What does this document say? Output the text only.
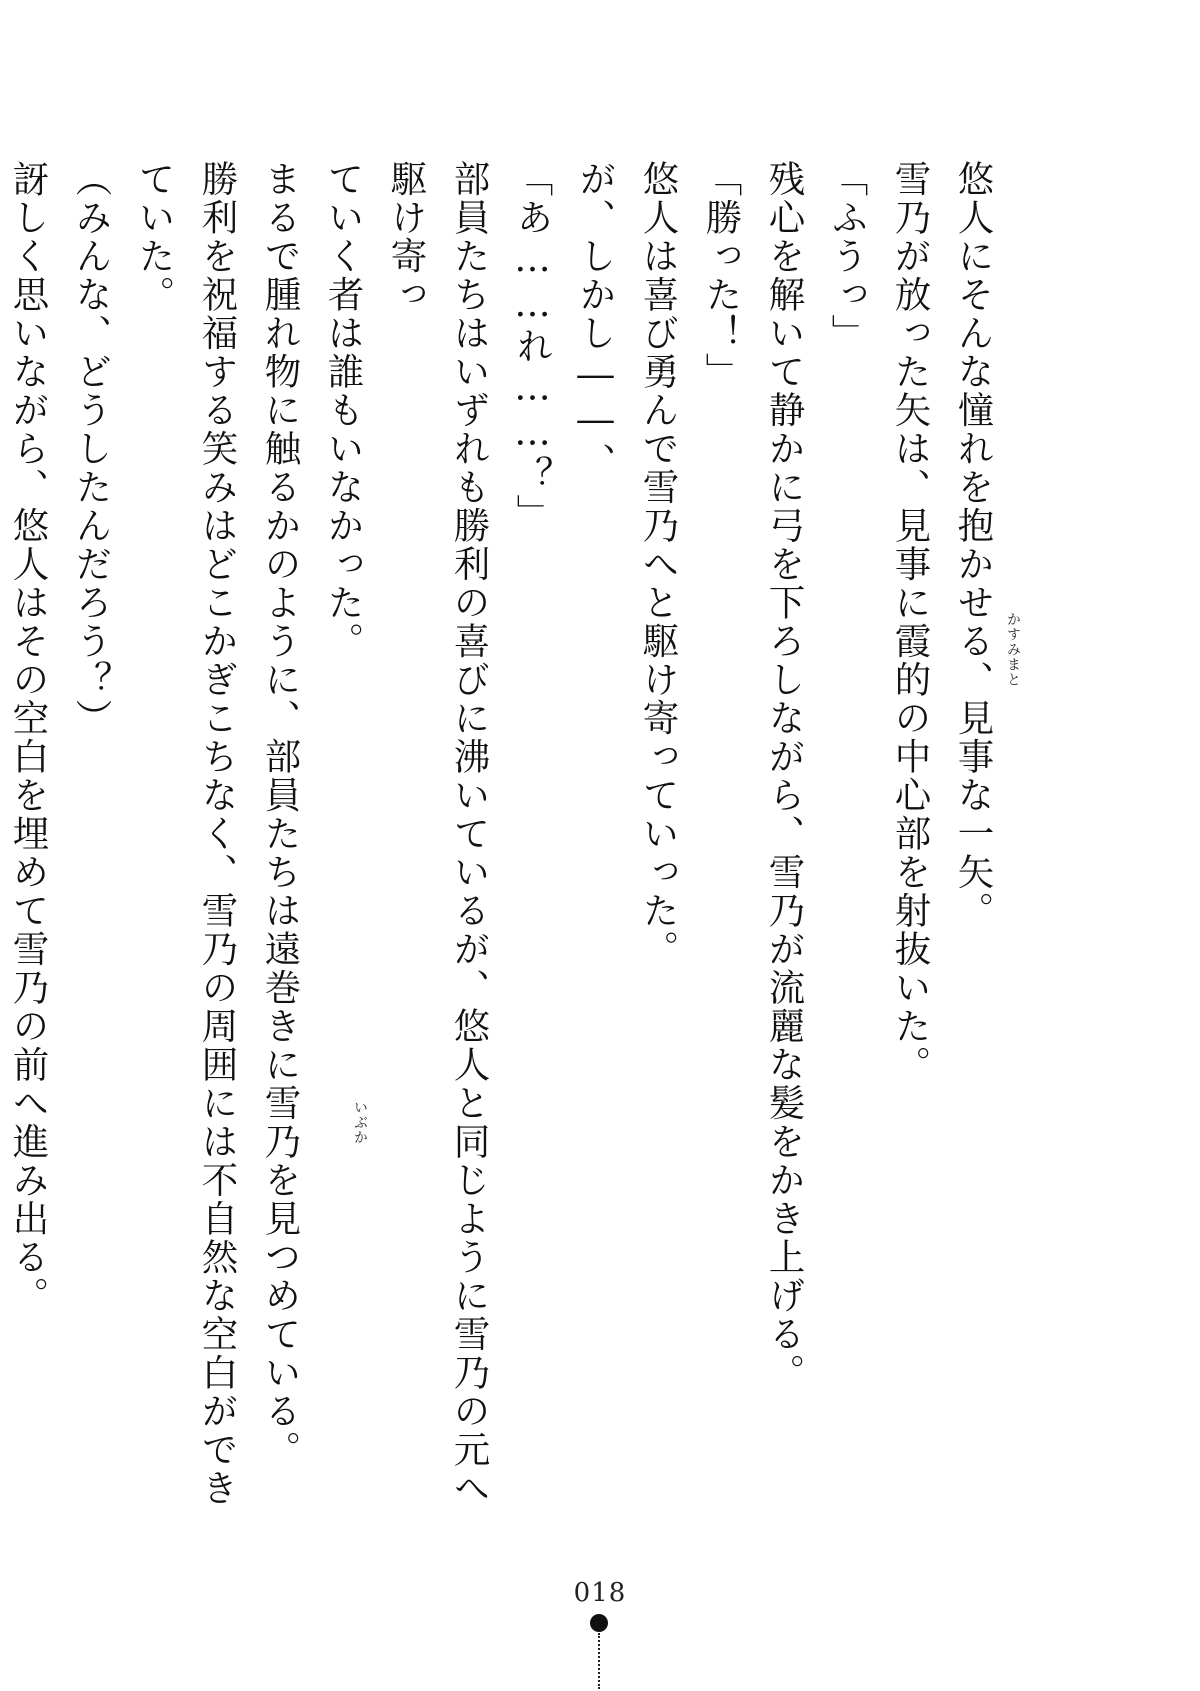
悠人にそんな憧れを抱かせる、見事な一矢。
雪乃が放った矢は、見事に霞的の中心部を射抜いた。
「ふうっ」
残心を解いて静かに弓を下ろしながら、雪乃が流麗な髪をかき上げる。
「勝った！」
悠人は喜び勇んで雪乃へと駆け寄っていった。
が、しかし――、
「あ……れ……？」
部員たちはいずれも勝利の喜びに沸いているが、悠人と同じように雪乃の元へ駆け寄っ
ていく者は誰もいなかった。
まるで腫れ物に触るかのように、部員たちは遠巻きに雪乃を見つめている。
勝利を祝福する笑みはどこかぎこちなく、雪乃の周囲には不自然な空白ができていた。
（みんな、どうしたんだろう？）
訝しく思いながら、悠人はその空白を埋めて雪乃の前へ進み出る。	かすみまと
いぶか
018
